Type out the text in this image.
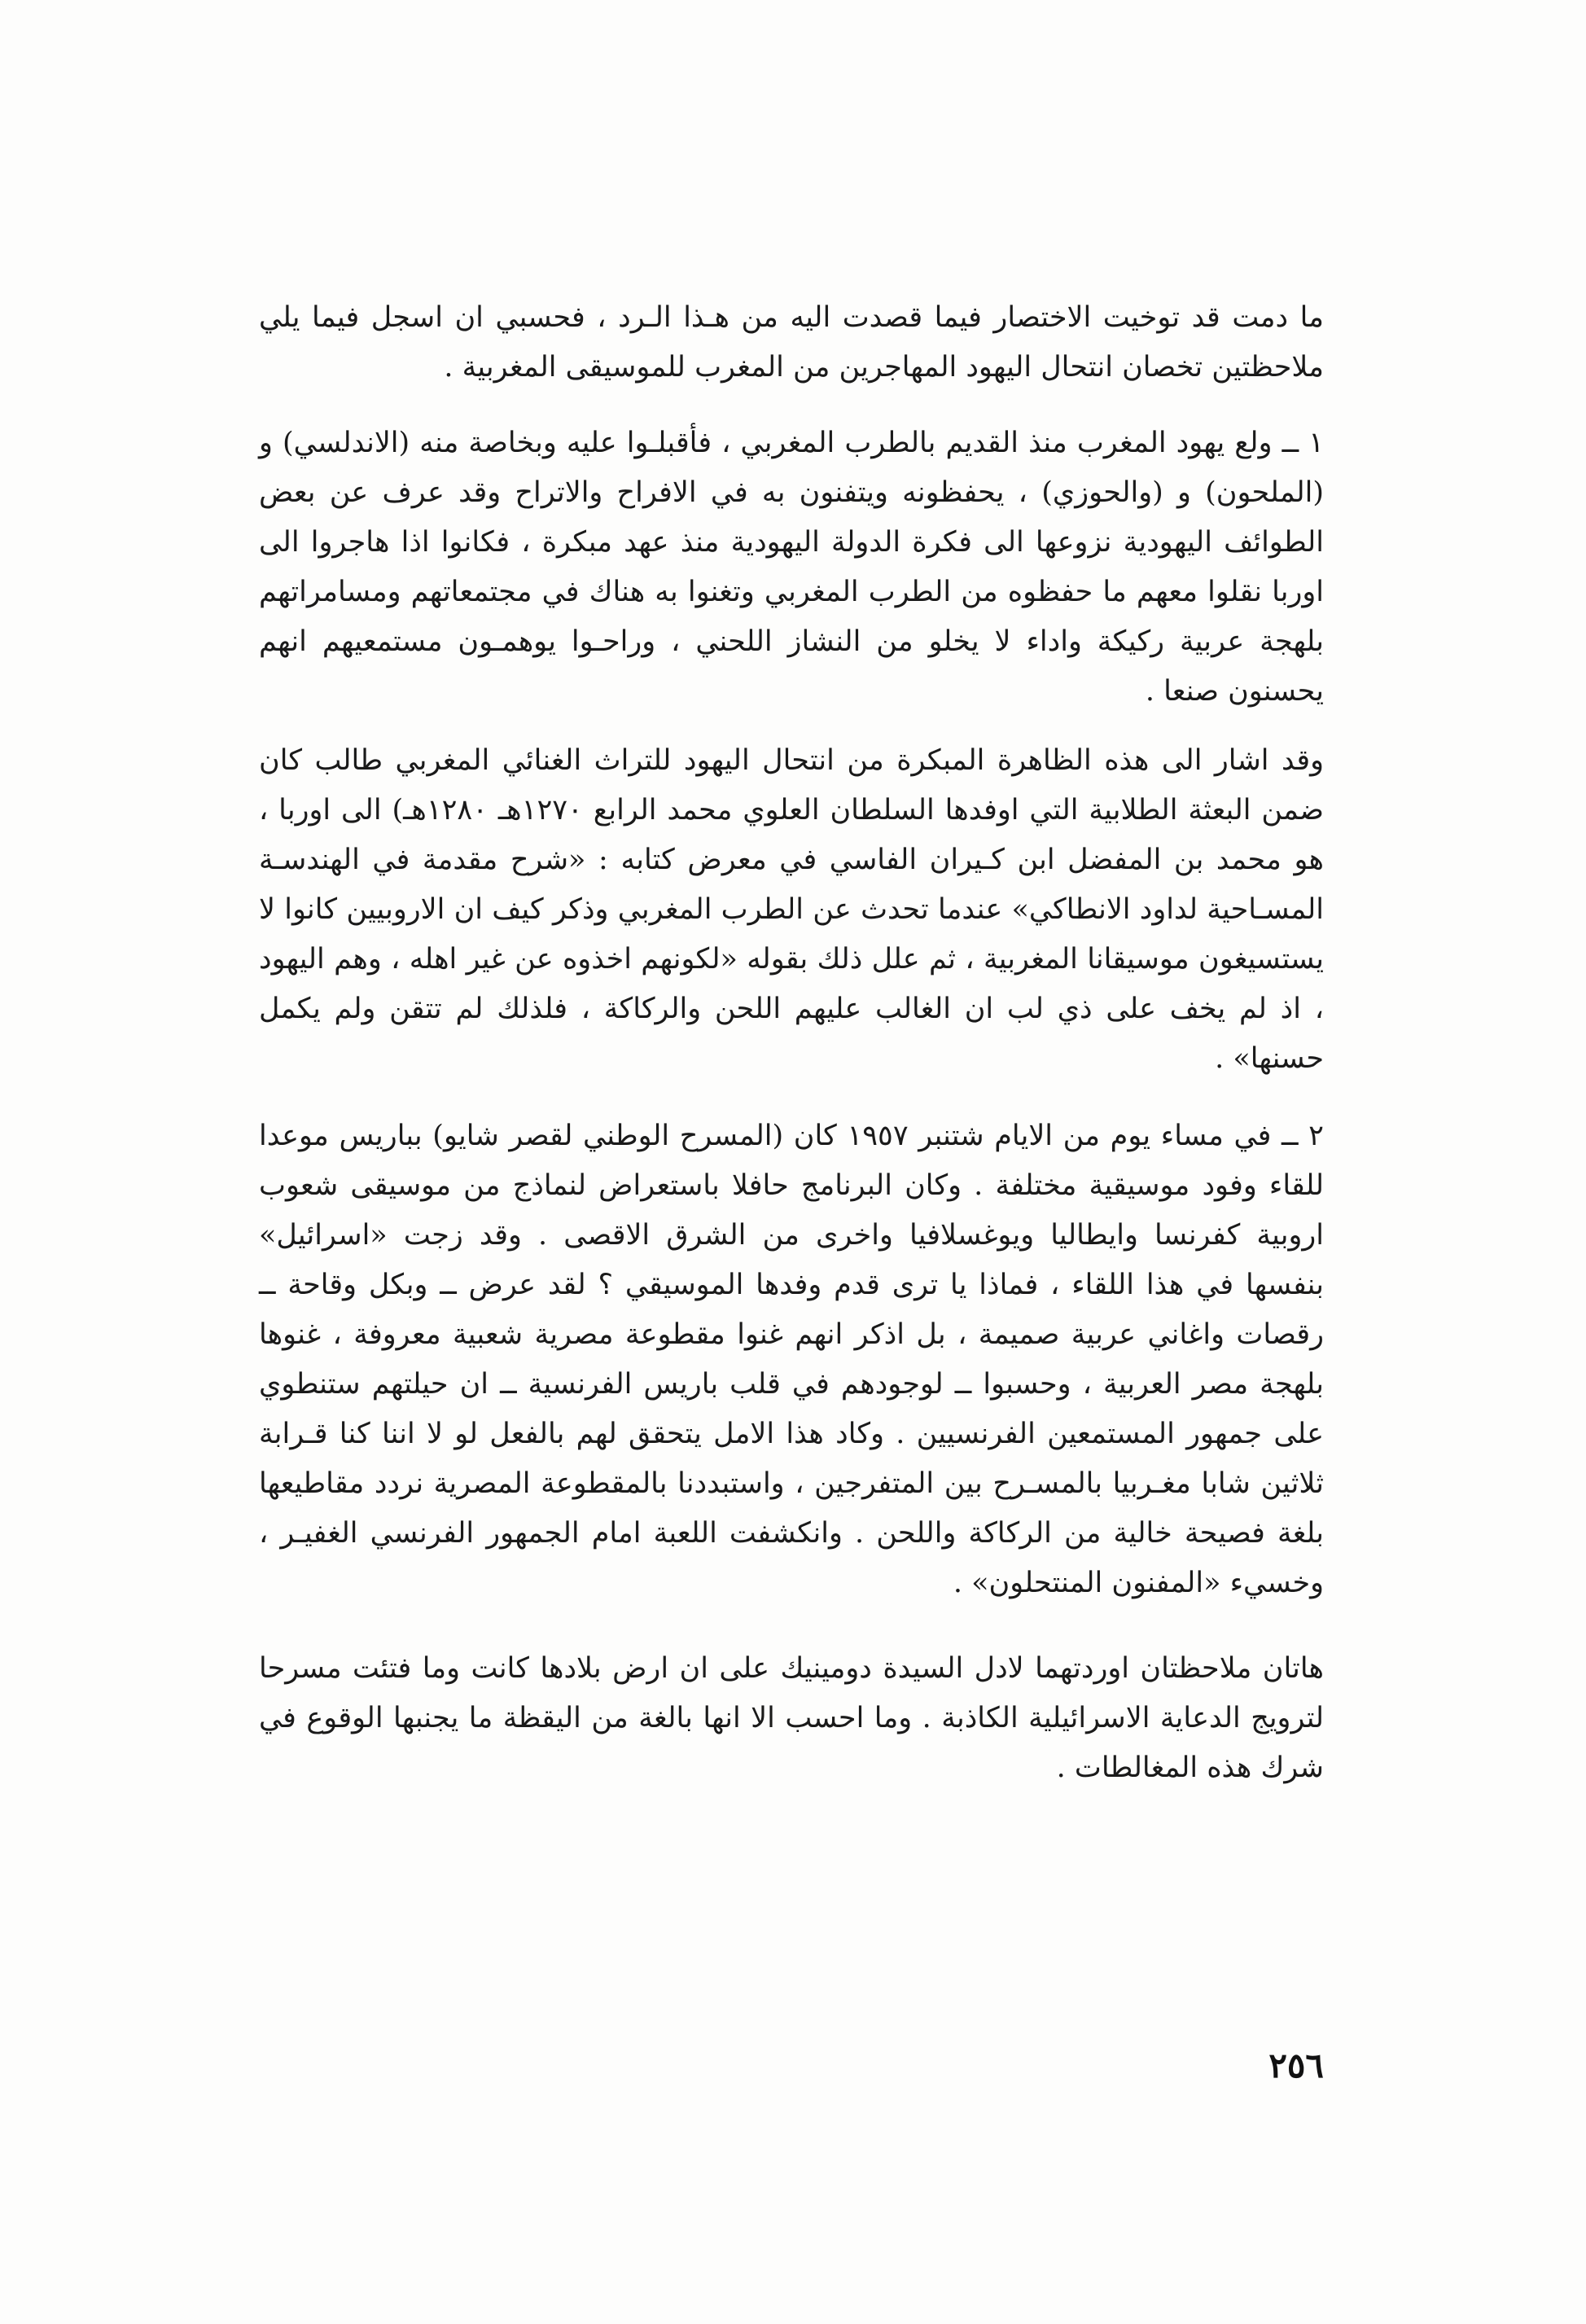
ما دمت قد توخيت الاختصار فيما قصدت اليه من هـذا الـرد ، فحسبي ان اسجل فيما يلي ملاحظتين تخصان انتحال اليهود المهاجرين من المغرب للموسيقى المغربية .

١ ــ ولع يهود المغرب منذ القديم بالطرب المغربي ، فأقبلـوا عليه وبخاصة منه (الاندلسي) و (الملحون) و (والحوزي) ، يحفظونه ويتفنون به في الافراح والاتراح وقد عرف عن بعض الطوائف اليهودية نزوعها الى فكرة الدولة اليهودية منذ عهد مبكرة ، فكانوا اذا هاجروا الى اوربا نقلوا معهم ما حفظوه من الطرب المغربي وتغنوا به هناك في مجتمعاتهم ومسامراتهم بلهجة عربية ركيكة واداء لا يخلو من النشاز اللحني ، وراحـوا يوهمـون مستمعيهم انهم يحسنون صنعا .

وقد اشار الى هذه الظاهرة المبكرة من انتحال اليهود للتراث الغنائي المغربي طالب كان ضمن البعثة الطلابية التي اوفدها السلطان العلوي محمد الرابع ١٢٧٠هـ ١٢٨٠هـ) الى اوربا ، هو محمد بن المفضل ابن كـيران الفاسي في معرض كتابه : «شرح مقدمة في الهندسـة المسـاحية لداود الانطاكي» عندما تحدث عن الطرب المغربي وذكر كيف ان الاروبيين كانوا لا يستسيغون موسيقانا المغربية ، ثم علل ذلك بقوله «لكونهم اخذوه عن غير اهله ، وهم اليهود ، اذ لم يخف على ذي لب ان الغالب عليهم اللحن والركاكة ، فلذلك لم تتقن ولم يكمل حسنها» .

٢ ــ في مساء يوم من الايام شتنبر ١٩٥٧ كان (المسرح الوطني لقصر شايو) بباريس موعدا للقاء وفود موسيقية مختلفة . وكان البرنامج حافلا باستعراض لنماذج من موسيقى شعوب اروبية كفرنسا وايطاليا ويوغسلافيا واخرى من الشرق الاقصى . وقد زجت «اسرائيل» بنفسها في هذا اللقاء ، فماذا يا ترى قدم وفدها الموسيقي ؟ لقد عرض ــ وبكل وقاحة ــ رقصات واغاني عربية صميمة ، بل اذكر انهم غنوا مقطوعة مصرية شعبية معروفة ، غنوها بلهجة مصر العربية ، وحسبوا ــ لوجودهم في قلب باريس الفرنسية ــ ان حيلتهم ستنطوي على جمهور المستمعين الفرنسيين . وكاد هذا الامل يتحقق لهم بالفعل لو لا اننا كنا قـرابة ثلاثين شابا مغـربيا بالمسـرح بين المتفرجين ، واستبددنا بالمقطوعة المصرية نردد مقاطيعها بلغة فصيحة خالية من الركاكة واللحن . وانكشفت اللعبة امام الجمهور الفرنسي الغفيـر ، وخسيء «المفنون المنتحلون» .

هاتان ملاحظتان اوردتهما لادل السيدة دومينيك على ان ارض بلادها كانت وما فتئت مسرحا لترويج الدعاية الاسرائيلية الكاذبة . وما احسب الا انها بالغة من اليقظة ما يجنبها الوقوع في شرك هذه المغالطات .

٢٥٦
